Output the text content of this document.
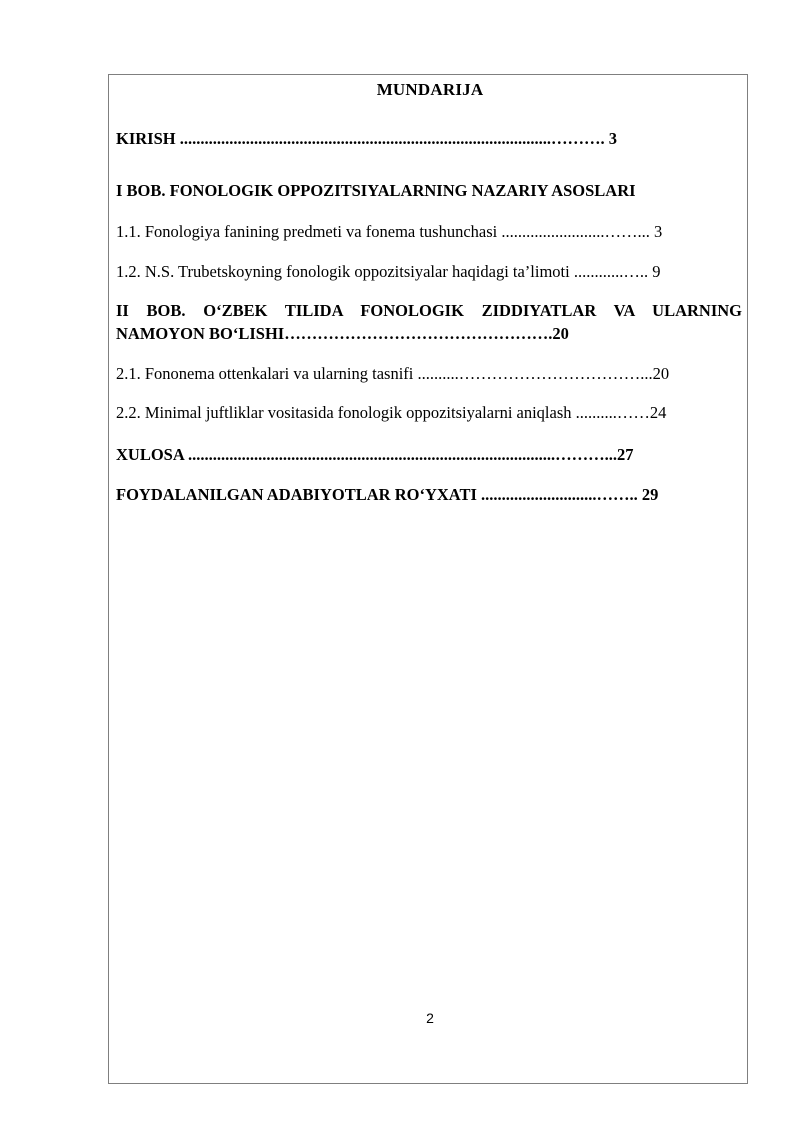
MUNDARIJA
KIRISH ..........................................................................................………. 3
I BOB. FONOLOGIK OPPOZITSIYALARNING NAZARIY ASOSLARI
1.1. Fonologiya fanining predmeti va fonema tushunchasi .........................……... 3
1.2. N.S. Trubetskoyning fonologik oppozitsiyalar haqidagi ta’limoti ............….. 9
II BOB. O‘ZBEK TILIDA FONOLOGIK ZIDDIYATLAR VA ULARNING
NAMOYON BO‘LISHI………………………………………….20
2.1. Fononema ottenkalari va ularning tasnifi ..........……………………………...20
2.2. Minimal juftliklar vositasida fonologik oppozitsiyalarni aniqlash ..........……24
XULOSA .........................................................................................………...27
FOYDALANILGAN ADABIYOTLAR RO‘YXATI ............................…….. 29
2
